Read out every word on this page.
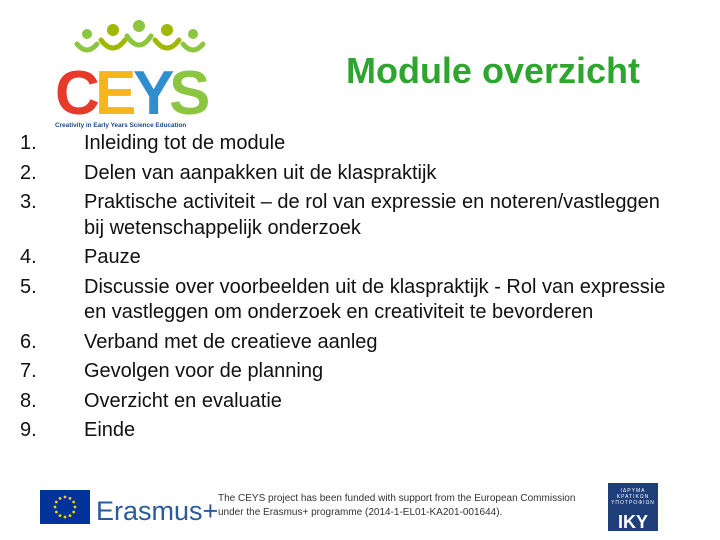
C
E
Y
S
Creativity in Early Years Science Education
Module overzicht
1.	Inleiding tot de module
2.	Delen van aanpakken uit de klaspraktijk
3.	Praktische activiteit – de rol van expressie en noteren/vastleggen bij wetenschappelijk onderzoek
4.	Pauze
5.	Discussie over voorbeelden uit de klaspraktijk - Rol van expressie en vastleggen om onderzoek en creativiteit te bevorderen
6.	Verband met de creatieve aanleg
7.	Gevolgen voor de planning
8.	Overzicht en evaluatie
9.	Einde
Erasmus+ The CEYS project has been funded with support from the European Commission under the Erasmus+ programme (2014-1-EL01-KA201-001644).
ΙΔΡΥΜΑ ΚΡΑΤΙΚΩΝ ΥΠΟΤΡΟΦΙΩΝ
IKY
